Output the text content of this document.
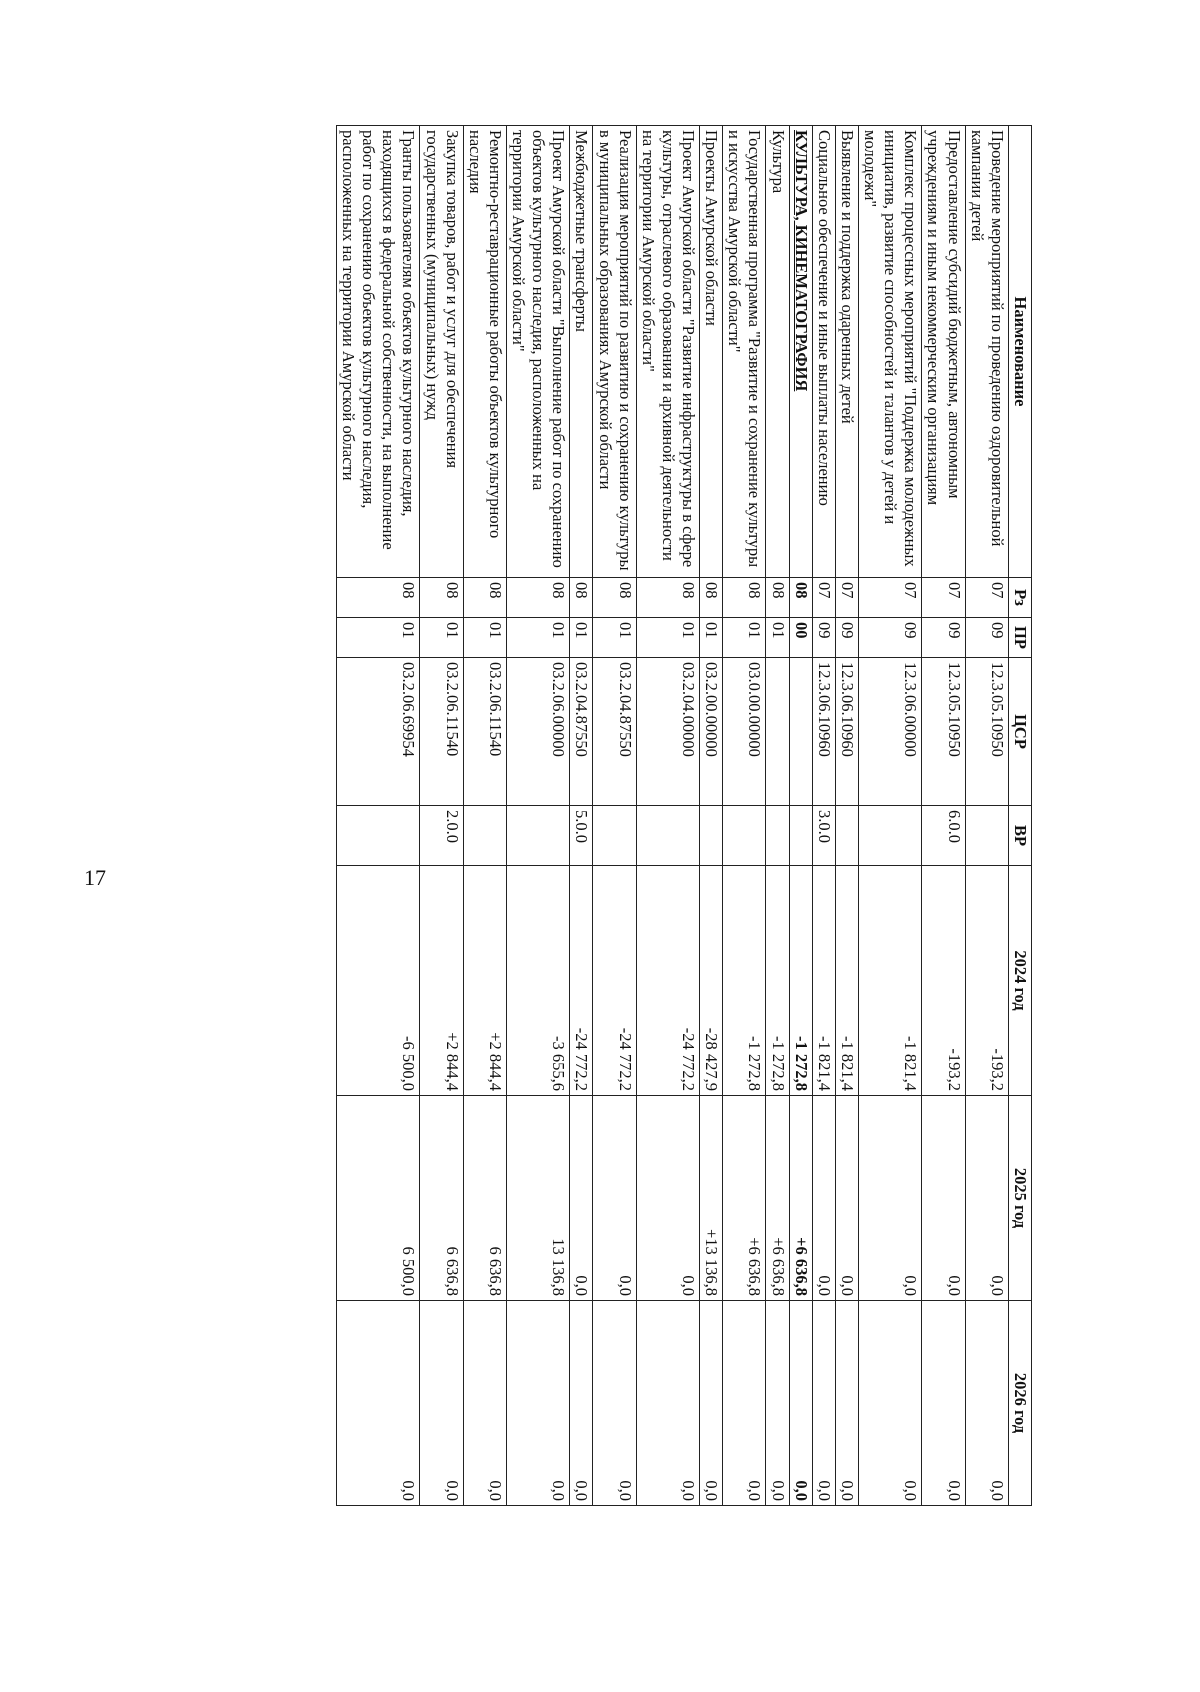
17
Наименование	Рз	ПР	ЦСР	ВР	2024 год	2025 год	2026 год
Проведение мероприятий по проведению оздоровительной кампании детей	07	09	12.3.05.10950		-193,2	0,0	0,0
Предоставление субсидий бюджетным, автономным учреждениям и иным некоммерческим организациям	07	09	12.3.05.10950	6.0.0	-193,2	0,0	0,0
Комплекс процессных мероприятий "Поддержка молодежных инициатив, развитие способностей и талантов у детей и молодежи"	07	09	12.3.06.00000		-1 821,4	0,0	0,0
Выявление и поддержка одаренных детей	07	09	12.3.06.10960		-1 821,4	0,0	0,0
Социальное обеспечение и иные выплаты населению	07	09	12.3.06.10960	3.0.0	-1 821,4	0,0	0,0
КУЛЬТУРА, КИНЕМАТОГРАФИЯ	08	00			-1 272,8	+6 636,8	0,0
Культура	08	01			-1 272,8	+6 636,8	0,0
Государственная программа "Развитие и сохранение культуры и искусства Амурской области"	08	01	03.0.00.00000		-1 272,8	+6 636,8	0,0
Проекты Амурской области	08	01	03.2.00.00000		-28 427,9	+13 136,8	0,0
Проект Амурской области "Развитие инфраструктуры в сфере культуры, отраслевого образования и архивной деятельности на территории Амурской области"	08	01	03.2.04.00000		-24 772,2	0,0	0,0
Реализация мероприятий по развитию и сохранению культуры в муниципальных образованиях Амурской области	08	01	03.2.04.87550		-24 772,2	0,0	0,0
Межбюджетные трансферты	08	01	03.2.04.87550	5.0.0	-24 772,2	0,0	0,0
Проект Амурской области "Выполнение работ по сохранению объектов культурного наследия, расположенных на территории Амурской области"	08	01	03.2.06.00000		-3 655,6	13 136,8	0,0
Ремонтно-реставрационные работы объектов культурного наследия	08	01	03.2.06.11540		+2 844,4	6 636,8	0,0
Закупка товаров, работ и услуг для обеспечения государственных (муниципальных) нужд	08	01	03.2.06.11540	2.0.0	+2 844,4	6 636,8	0,0
Гранты пользователям объектов культурного наследия, находящихся в федеральной собственности, на выполнение работ по сохранению объектов культурного наследия, расположенных на территории Амурской области	08	01	03.2.06.69954		-6 500,0	6 500,0	0,0
